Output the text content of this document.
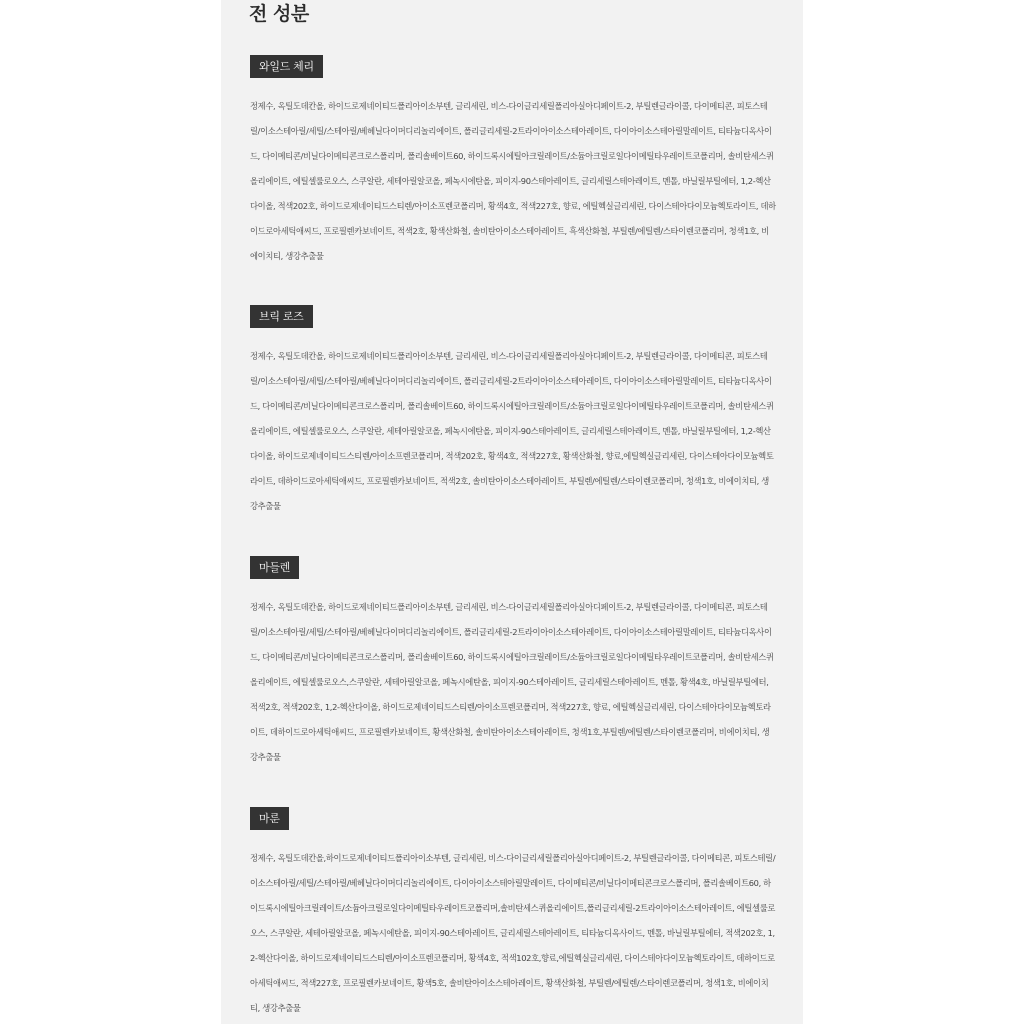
전 성분
와일드 체리
정제수, 옥틸도데칸올, 하이드로제네이티드폴리아이소부텐, 글리세린, 비스-다이글리세릴폴리아실아디페이트-2, 부틸렌글라이콜, 다이메티콘, 피토스테릴/이소스테아릴/세틸/스테아릴/베헤닐다이머디리놀리에이트, 폴리글리세릴-2트라이아이소스테아레이트, 다이아이소스테아릴말레이트, 티타늄디옥사이드, 다이메티콘/비닐다이메티콘크로스폴리머, 폴리솔베이트60, 하이드록시에틸아크릴레이트/소듐아크릴로일다이메틸타우레이트코폴리머, 솔비탄세스퀴올리에이트, 에틸셀룰로오스, 스쿠알란, 세테아릴알코올, 페녹시에탄올, 피이지-90스테아레이트, 글리세릴스테아레이트, 멘톨, 바닐릴부틸에터, 1,2-헥산다이올, 적색202호, 하이드로제네이티드스티렌/아이소프렌코폴리머, 황색4호, 적색227호, 향료, 에틸헥실글리세린, 다이스테아다이모늄헥토라이트, 데하이드로아세틱애씨드, 프로필렌카보네이트, 적색2호, 황색산화철, 솔비탄아이소스테아레이트, 흑색산화철, 부틸렌/에틸렌/스타이렌코폴리머, 청색1호, 비에이치티, 생강추출물
브릭 로즈
정제수, 옥틸도데칸올, 하이드로제네이티드폴리아이소부텐, 글리세린, 비스-다이글리세릴폴리아실아디페이트-2, 부틸렌글라이콜, 다이메티콘, 피토스테릴/이소스테아릴/세틸/스테아릴/베헤닐다이머디리놀리에이트, 폴리글리세릴-2트라이아이소스테아레이트, 다이아이소스테아릴말레이트, 티타늄디옥사이드, 다이메티콘/비닐다이메티콘크로스폴리머, 폴리솔베이트60, 하이드록시에틸아크릴레이트/소듐아크릴로일다이메틸타우레이트코폴리머, 솔비탄세스퀴올리에이트, 에틸셀룰로오스, 스쿠알란, 세테아릴알코올, 페녹시에탄올, 피이지-90스테아레이트, 글리세릴스테아레이트, 멘톨, 바닐릴부틸에터, 1,2-헥산다이올, 하이드로제네이티드스티렌/아이소프렌코폴리머, 적색202호, 황색4호, 적색227호, 황색산화철, 향료,에틸헥실글리세린, 다이스테아다이모늄헥토라이트, 데하이드로아세틱애씨드, 프로필렌카보네이트, 적색2호, 솔비탄아이소스테아레이트, 부틸렌/에틸렌/스타이렌코폴리머, 청색1호, 비에이치티, 생강추출물
마들렌
정제수, 옥틸도데칸올, 하이드로제네이티드폴리아이소부텐, 글리세린, 비스-다이글리세릴폴리아실아디페이트-2, 부틸렌글라이콜, 다이메티콘, 피토스테릴/이소스테아릴/세틸/스테아릴/베헤닐다이머디리놀리에이트, 폴리글리세릴-2트라이아이소스테아레이트, 다이아이소스테아릴말레이트, 티타늄디옥사이드, 다이메티콘/비닐다이메티콘크로스폴리머, 폴리솔베이트60, 하이드록시에틸아크릴레이트/소듐아크릴로일다이메틸타우레이트코폴리머, 솔비탄세스퀴올리에이트, 에틸셀룰로오스,스쿠알란, 세테아릴알코올, 페녹시에탄올, 피이지-90스테아레이트, 글리세릴스테아레이트, 멘톨, 황색4호, 바닐릴부틸에터, 적색2호, 적색202호, 1,2-헥산다이올, 하이드로제네이티드스티렌/아이소프렌코폴리머, 적색227호, 향료, 에틸헥실글리세린, 다이스테아다이모늄헥토라이트, 데하이드로아세틱애씨드, 프로필렌카보네이트, 황색산화철, 솔비탄아이소스테아레이트, 청색1호,부틸렌/에틸렌/스타이렌코폴리머, 비에이치티, 생강추출물
마룬
정제수, 옥틸도데칸올,하이드로제네이티드폴리아이소부텐, 글리세린, 비스-다이글리세릴폴리아실아디페이트-2, 부틸렌글라이콜, 다이메티콘, 피토스테릴/이소스테아릴/세틸/스테아릴/베헤닐다이머디리놀리에이트, 다이아이소스테아릴말레이트, 다이메티콘/비닐다이메티콘크로스폴리머, 폴리솔베이트60, 하이드록시에틸아크릴레이트/소듐아크릴로일다이메틸타우레이트코폴리머,솔비탄세스퀴올리에이트,폴리글리세릴-2트라이아이소스테아레이트, 에틸셀룰로오스, 스쿠알란, 세테아릴알코올, 페녹시에탄올, 피이지-90스테아레이트, 글리세릴스테아레이트, 티타늄디옥사이드, 멘톨, 바닐릴부틸에터, 적색202호, 1,2-헥산다이올, 하이드로제네이티드스티렌/아이소프렌코폴리머, 황색4호, 적색102호,향료,에틸헥실글리세린, 다이스테아다이모늄헥토라이트, 데하이드로아세틱애씨드, 적색227호, 프로필렌카보네이트, 황색5호, 솔비탄아이소스테아레이트, 황색산화철, 부틸렌/에틸렌/스타이렌코폴리머, 청색1호, 비에이치티, 생강추출물
